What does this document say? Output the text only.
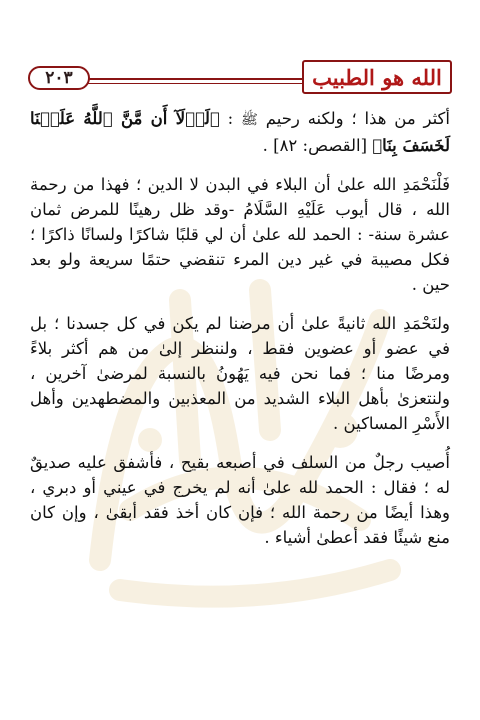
٢٠٣	الله هو الطبيب

أكثر من هذا ؛ ولكنه رحيم ﷺ : ﴿لَوۡلَآ أَن مَّنَّ ٱللَّهُ عَلَيۡنَا لَخَسَفَ بِنَا﴾ [القصص: ٨٢] .

فَلْنَحْمَدِ الله علىٰ أن البلاء في البدن لا الدين ؛ فهذا من رحمة الله ، قال أيوب عَلَيْهِ السَّلَامُ -وقد ظل رهينًا للمرض ثمان عشرة سنة- : الحمد لله علىٰ أن لي قلبًا شاكرًا ولسانًا ذاكرًا ؛ فكل مصيبة في غير دين المرء تنقضي حتمًا سريعة ولو بعد حين .

ولنَحْمَدِ الله ثانيةً علىٰ أن مرضنا لم يكن في كل جسدنا ؛ بل في عضو أو عضوين فقط ، ولننظر إلىٰ من هم أكثر بلاءً ومرضًا منا ؛ فما نحن فيه يَهُونُ بالنسبة لمرضىٰ آخرين ، ولنتعزىٰ بأهل البلاء الشديد من المعذبين والمضطهدين وأهل الأَسْرِ المساكين .

أُصيب رجلٌ من السلف في أصبعه بقيح ، فأشفق عليه صديقٌ له ؛ فقال : الحمد لله علىٰ أنه لم يخرج في عيني أو دبري ، وهذا أيضًا من رحمة الله ؛ فإن كان أخذ فقد أبقىٰ ، وإن كان منع شيئًا فقد أعطىٰ أشياء .
